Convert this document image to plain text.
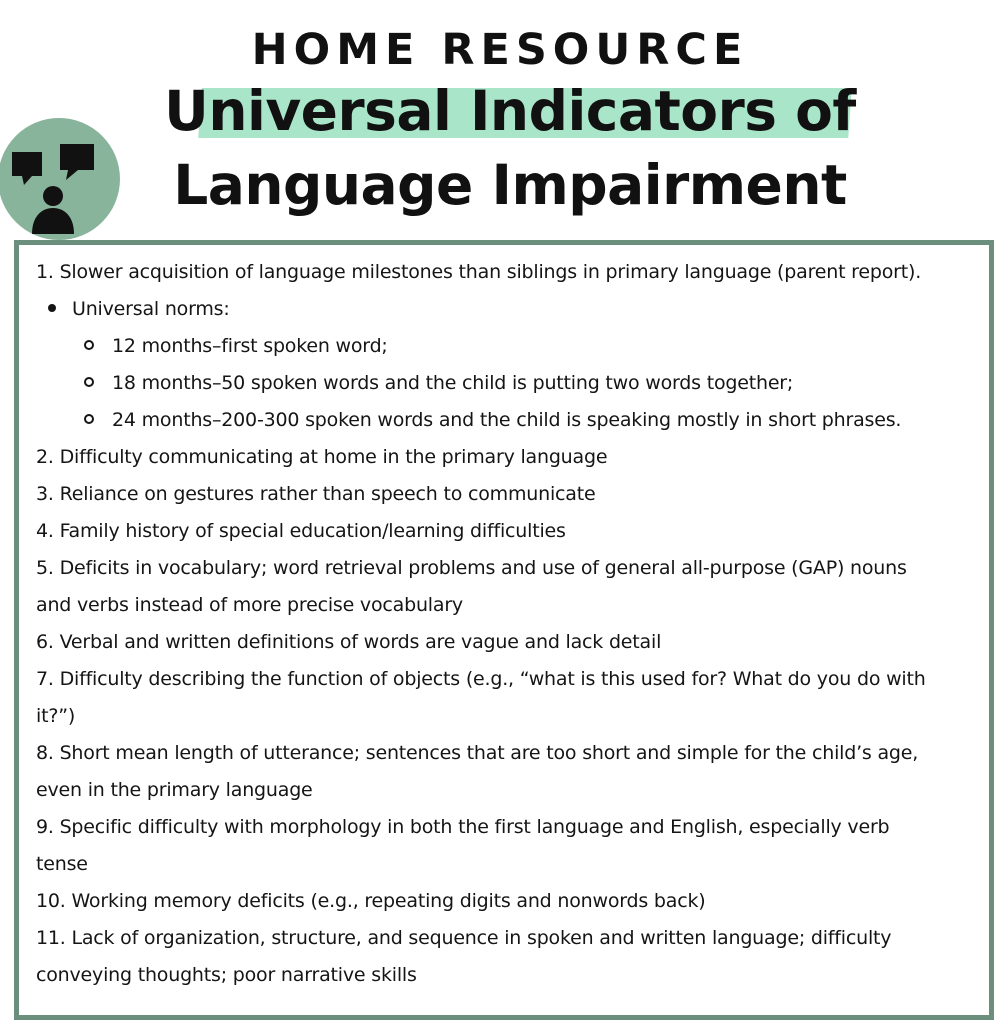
HOME RESOURCE
Universal Indicators of
Language Impairment
1. Slower acquisition of language milestones than siblings in primary language (parent report).
Universal norms:
12 months–first spoken word;
18 months–50 spoken words and the child is putting two words together;
24 months–200-300 spoken words and the child is speaking mostly in short phrases.
2. Difficulty communicating at home in the primary language
3. Reliance on gestures rather than speech to communicate
4. Family history of special education/learning difficulties
5. Deficits in vocabulary; word retrieval problems and use of general all-purpose (GAP) nouns
and verbs instead of more precise vocabulary
6. Verbal and written definitions of words are vague and lack detail
7. Difficulty describing the function of objects (e.g., “what is this used for? What do you do with
it?”)
8. Short mean length of utterance; sentences that are too short and simple for the child’s age,
even in the primary language
9. Specific difficulty with morphology in both the first language and English, especially verb
tense
10. Working memory deficits (e.g., repeating digits and nonwords back)
11. Lack of organization, structure, and sequence in spoken and written language; difficulty
conveying thoughts; poor narrative skills
